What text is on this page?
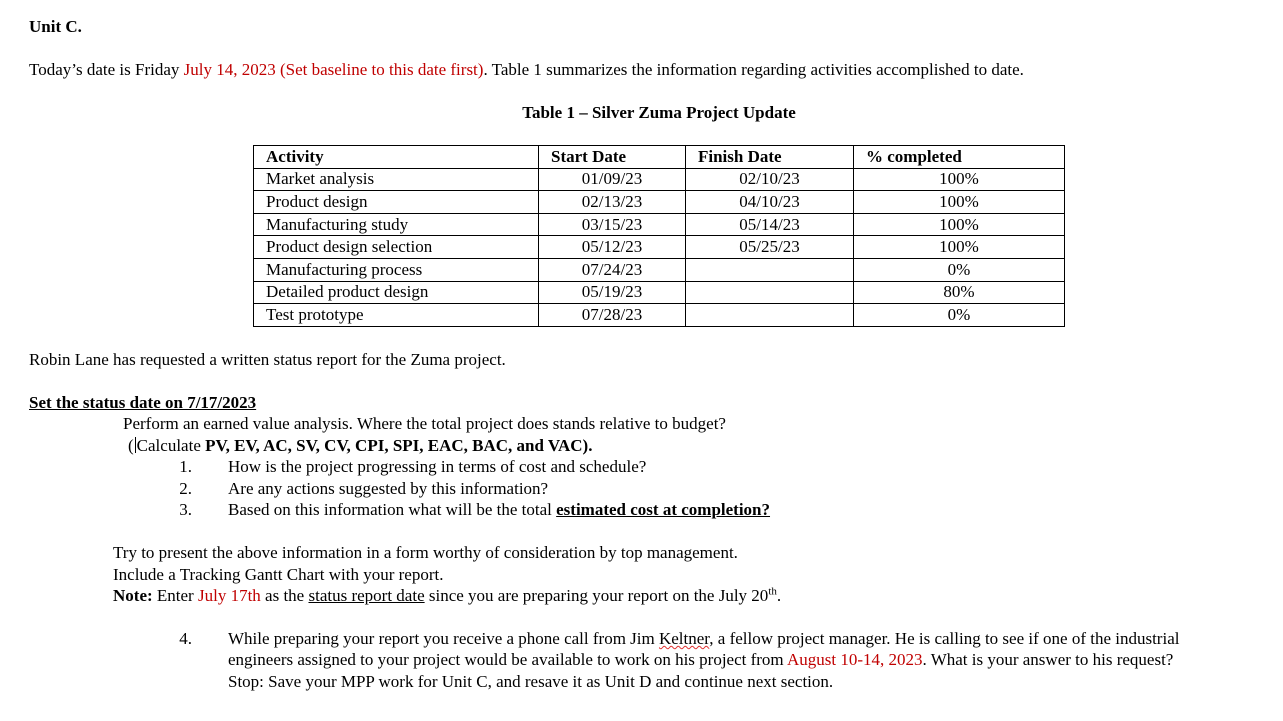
Unit C.
Today’s date is Friday July 14, 2023 (Set baseline to this date first). Table 1 summarizes the information regarding activities accomplished to date.
Table 1 – Silver Zuma Project Update
Activity	Start Date	Finish Date	% completed
Market analysis	01/09/23	02/10/23	100%
Product design	02/13/23	04/10/23	100%
Manufacturing study	03/15/23	05/14/23	100%
Product design selection	05/12/23	05/25/23	100%
Manufacturing process	07/24/23		0%
Detailed product design	05/19/23		80%
Test prototype	07/28/23		0%
Robin Lane has requested a written status report for the Zuma project.
Set the status date on 7/17/2023
Perform an earned value analysis. Where the total project does stands relative to budget?
( Calculate PV, EV, AC, SV, CV, CPI, SPI, EAC, BAC, and VAC).
1. How is the project progressing in terms of cost and schedule?
2. Are any actions suggested by this information?
3. Based on this information what will be the total estimated cost at completion?
Try to present the above information in a form worthy of consideration by top management.
Include a Tracking Gantt Chart with your report.
Note: Enter July 17th as the status report date since you are preparing your report on the July 20th.
4. While preparing your report you receive a phone call from Jim Keltner, a fellow project manager. He is calling to see if one of the industrial
engineers assigned to your project would be available to work on his project from August 10-14, 2023. What is your answer to his request?
Stop: Save your MPP work for Unit C, and resave it as Unit D and continue next section.
